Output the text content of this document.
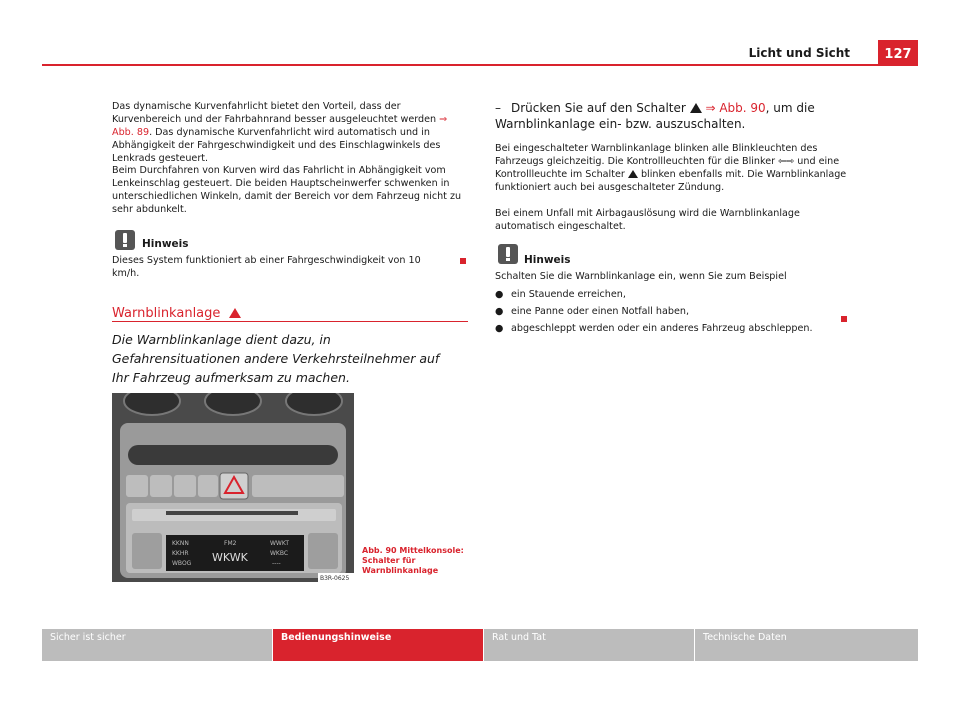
Licht und Sicht	127
Das dynamische Kurvenfahrlicht bietet den Vorteil, dass der Kurvenbereich und der Fahrbahnrand besser ausgeleuchtet werden ⇒ Abb. 89. Das dynamische Kurvenfahrlicht wird automatisch und in Abhängigkeit der Fahrgeschwindigkeit und des Einschlagwinkels des Lenkrads gesteuert.
Beim Durchfahren von Kurven wird das Fahrlicht in Abhängigkeit vom Lenkeinschlag gesteuert. Die beiden Hauptscheinwerfer schwenken in unterschiedlichen Winkeln, damit der Bereich vor dem Fahrzeug nicht zu sehr abdunkelt.
Hinweis
Dieses System funktioniert ab einer Fahrgeschwindigkeit von 10 km/h.
Warnblinkanlage
Die Warnblinkanlage dient dazu, in Gefahrensituationen andere Verkehrsteilnehmer auf Ihr Fahrzeug aufmerksam zu machen.
KKNN
KKHR
WBOG
FM2
WKWK
WWKT
WKBC
----
B3R-0625
Abb. 90 Mittelkonsole: Schalter für Warnblinkanlage
– Drücken Sie auf den Schalter ⇒ Abb. 90, um die Warnblinkanlage ein- bzw. auszuschalten.
Bei eingeschalteter Warnblinkanlage blinken alle Blinkleuchten des Fahrzeugs gleichzeitig. Die Kontrollleuchten für die Blinker ⇦⇨ und eine Kontrollleuchte im Schalter blinken ebenfalls mit. Die Warnblinkanlage funktioniert auch bei ausgeschalteter Zündung.
Bei einem Unfall mit Airbagauslösung wird die Warnblinkanlage automatisch eingeschaltet.
Hinweis
Schalten Sie die Warnblinkanlage ein, wenn Sie zum Beispiel
● ein Stauende erreichen,
● eine Panne oder einen Notfall haben,
● abgeschleppt werden oder ein anderes Fahrzeug abschleppen.
Sicher ist sicher	Bedienungshinweise	Rat und Tat	Technische Daten
